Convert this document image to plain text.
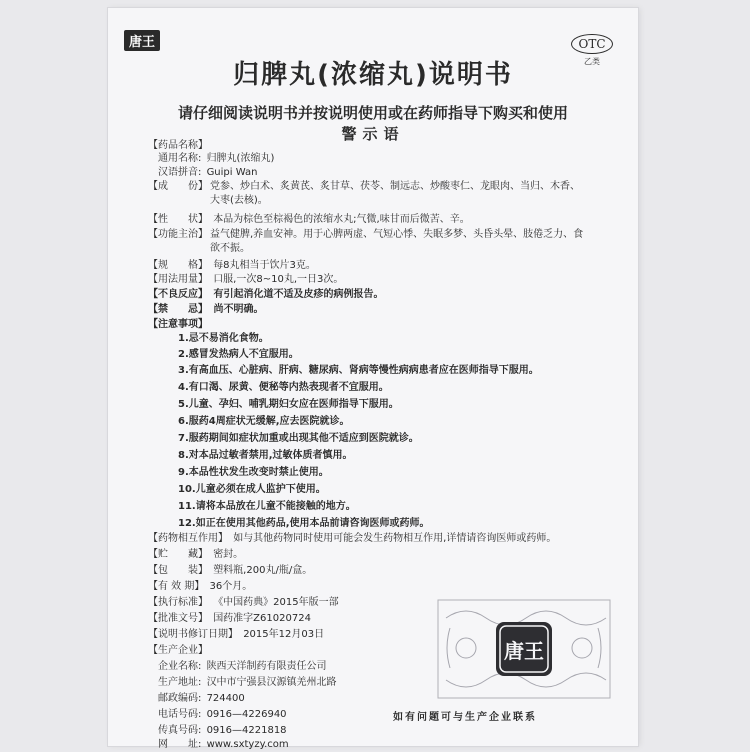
唐王	OTC
乙类
归脾丸(浓缩丸)说明书
请仔细阅读说明书并按说明使用或在药师指导下购买和使用
警示语
【药品名称】
通用名称: 归脾丸(浓缩丸)
汉语拼音: Guipi Wan
【成　　份】 党参、炒白术、炙黄芪、炙甘草、茯苓、制远志、炒酸枣仁、龙眼肉、当归、木香、大枣(去核)。
【性　　状】 本品为棕色至棕褐色的浓缩水丸;气微,味甘而后微苦、辛。
【功能主治】 益气健脾,养血安神。用于心脾两虚、气短心悸、失眠多梦、头昏头晕、肢倦乏力、食欲不振。
【规　　格】 每8丸相当于饮片3克。
【用法用量】 口服,一次8~10丸,一日3次。
【不良反应】 有引起消化道不适及皮疹的病例报告。
【禁　　忌】 尚不明确。
【注意事项】
1.忌不易消化食物。
2.感冒发热病人不宜服用。
3.有高血压、心脏病、肝病、糖尿病、肾病等慢性病病患者应在医师指导下服用。
4.有口渴、尿黄、便秘等内热表现者不宜服用。
5.儿童、孕妇、哺乳期妇女应在医师指导下服用。
6.服药4周症状无缓解,应去医院就诊。
7.服药期间如症状加重或出现其他不适应到医院就诊。
8.对本品过敏者禁用,过敏体质者慎用。
9.本品性状发生改变时禁止使用。
10.儿童必须在成人监护下使用。
11.请将本品放在儿童不能接触的地方。
12.如正在使用其他药品,使用本品前请咨询医师或药师。
【药物相互作用】 如与其他药物同时使用可能会发生药物相互作用,详情请咨询医师或药师。
【贮　　藏】 密封。
【包　　装】 塑料瓶,200丸/瓶/盒。
【有 效 期】 36个月。
【执行标准】 《中国药典》2015年版一部
【批准文号】 国药准字Z61020724
【说明书修订日期】 2015年12月03日
【生产企业】
企业名称: 陕西天洋制药有限责任公司
生产地址: 汉中市宁强县汉源镇羌州北路
邮政编码: 724400
电话号码: 0916—4226940
传真号码: 0916—4221818
网　　址: www.sxtyzy.com
唐王
如有问题可与生产企业联系
